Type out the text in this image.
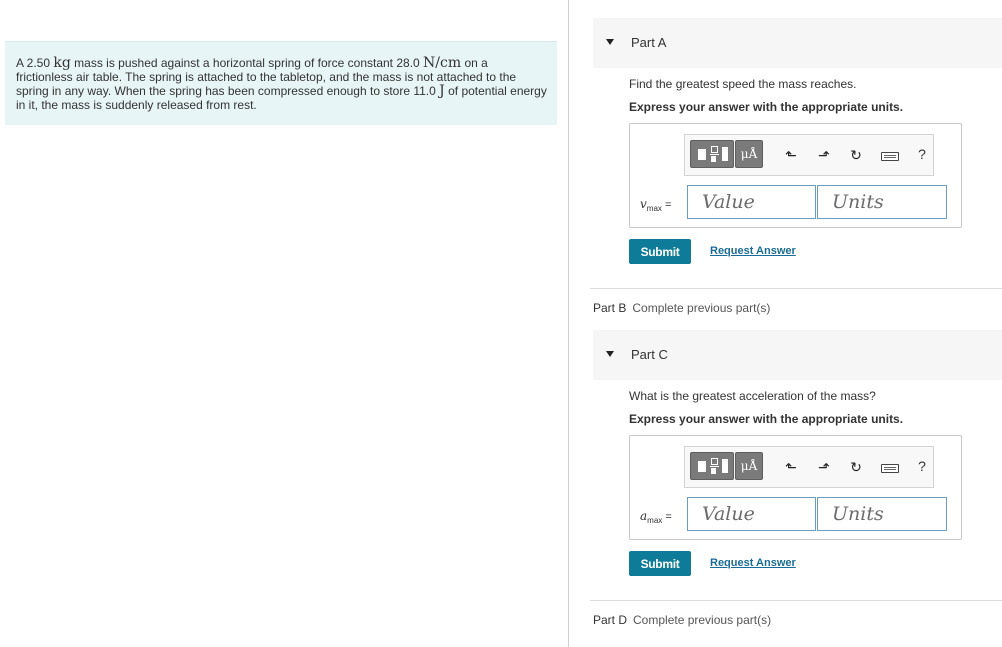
A 2.50 kg mass is pushed against a horizontal spring of force constant 28.0 N/cm on a frictionless air table. The spring is attached to the tabletop, and the mass is not attached to the spring in any way. When the spring has been compressed enough to store 11.0 J of potential energy in it, the mass is suddenly released from rest.
Part A
Find the greatest speed the mass reaches.
Express your answer with the appropriate units.
μÅ	⬑ ⬏ ↻	?
$v_{max}$ =
Value
Units
Submit	Request Answer
Part B Complete previous part(s)
Part C
What is the greatest acceleration of the mass?
Express your answer with the appropriate units.
μÅ	⬑ ⬏ ↻	?
$a_{max}$ =
Value
Units
Submit	Request Answer
Part D Complete previous part(s)
